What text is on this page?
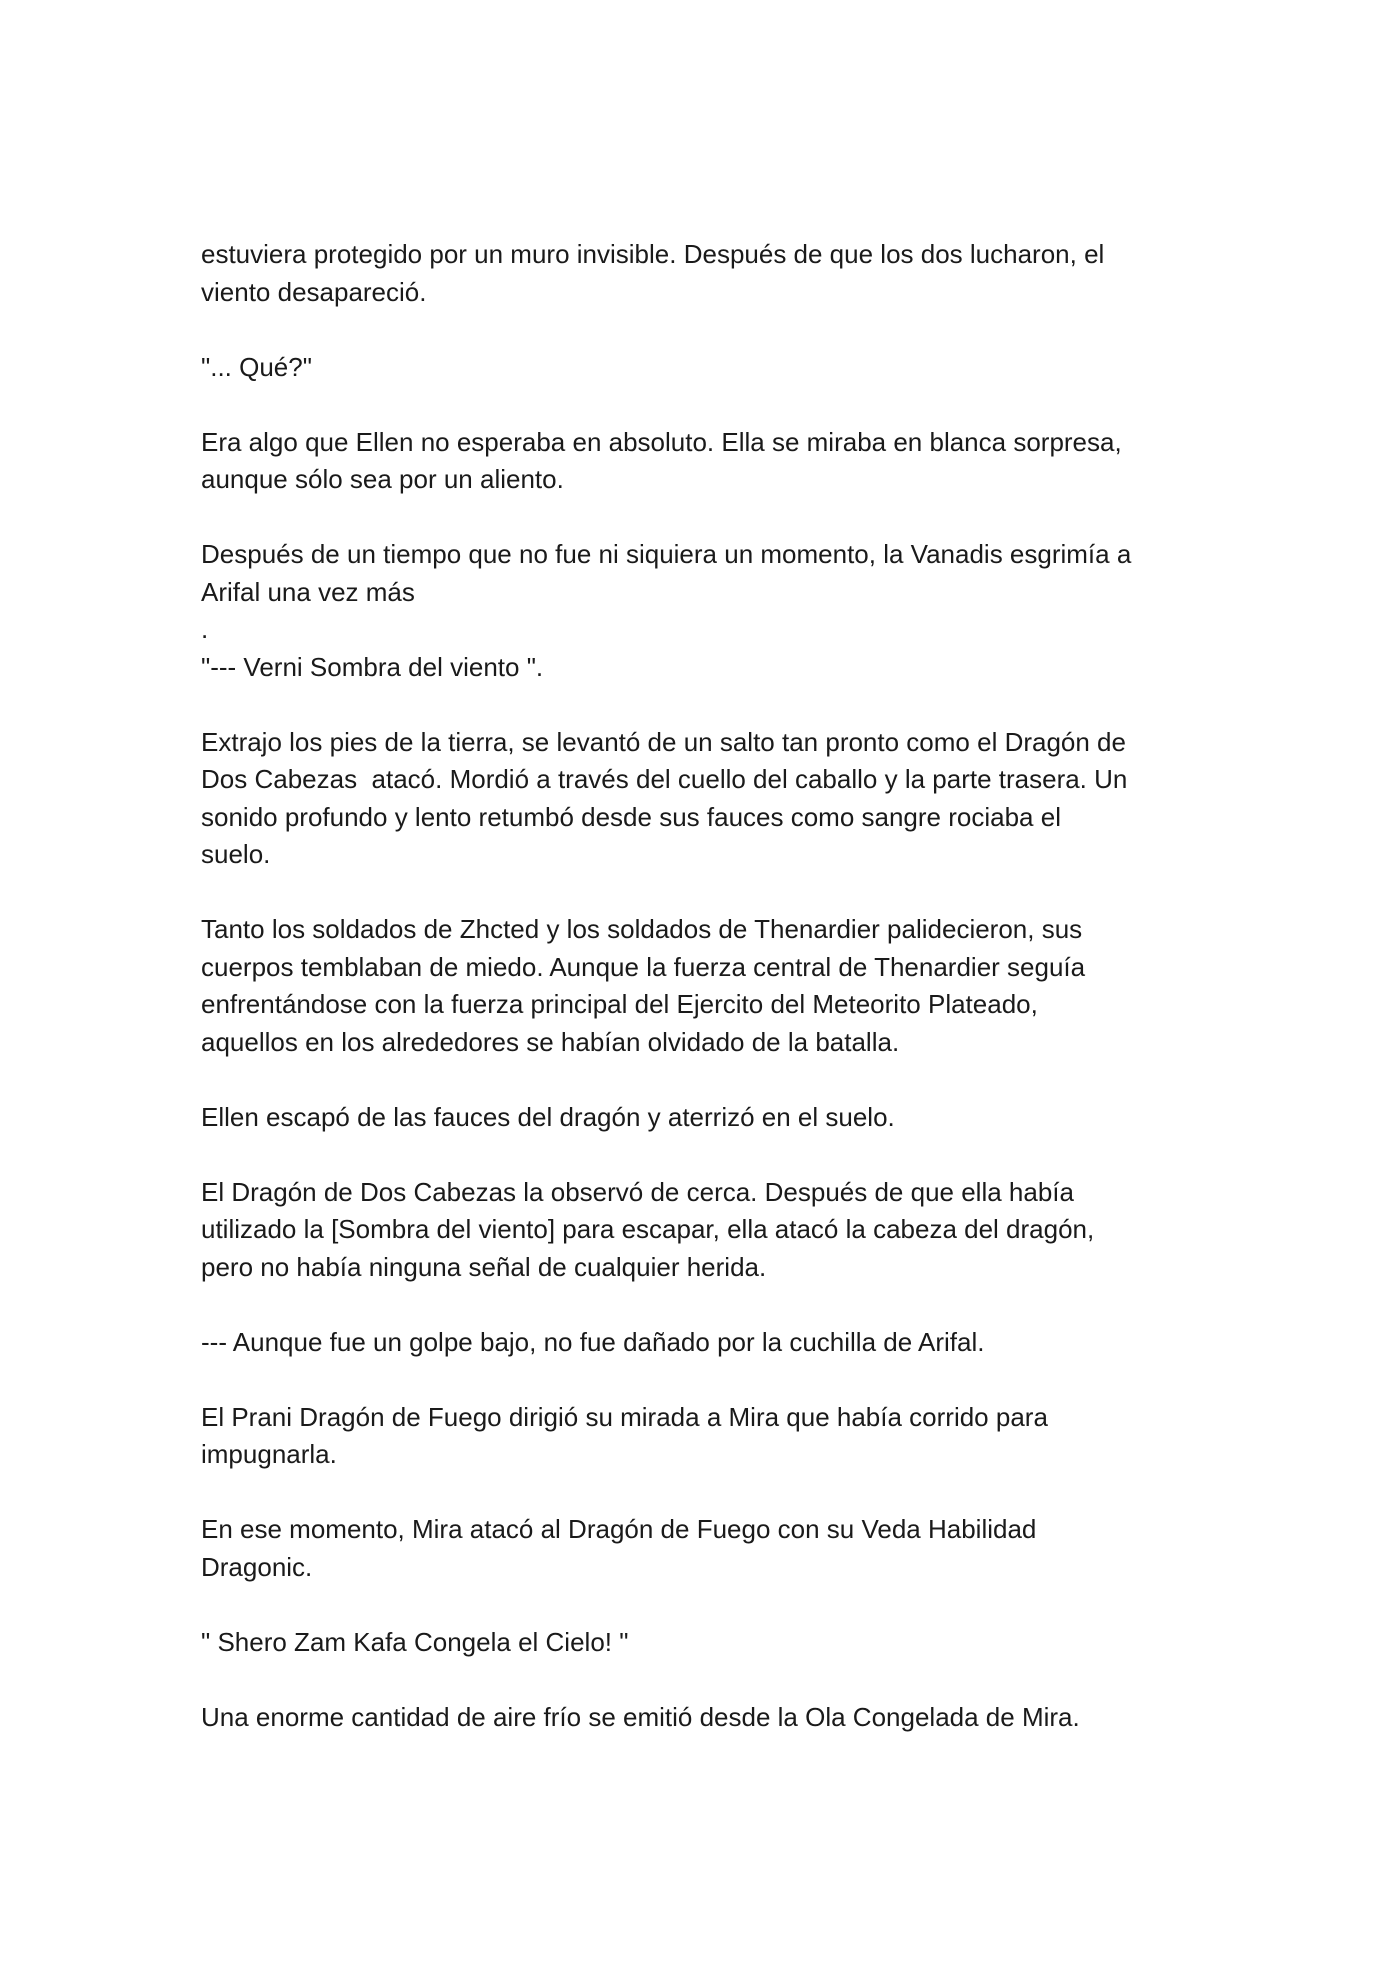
estuviera protegido por un muro invisible. Después de que los dos lucharon, el
viento desapareció.

"... Qué?"

Era algo que Ellen no esperaba en absoluto. Ella se miraba en blanca sorpresa,
aunque sólo sea por un aliento.

Después de un tiempo que no fue ni siquiera un momento, la Vanadis esgrimía a
Arifal una vez más
.
"--- Verni Sombra del viento ".

Extrajo los pies de la tierra, se levantó de un salto tan pronto como el Dragón de
Dos Cabezas  atacó. Mordió a través del cuello del caballo y la parte trasera. Un
sonido profundo y lento retumbó desde sus fauces como sangre rociaba el
suelo.

Tanto los soldados de Zhcted y los soldados de Thenardier palidecieron, sus
cuerpos temblaban de miedo. Aunque la fuerza central de Thenardier seguía
enfrentándose con la fuerza principal del Ejercito del Meteorito Plateado,
aquellos en los alrededores se habían olvidado de la batalla.

Ellen escapó de las fauces del dragón y aterrizó en el suelo.

El Dragón de Dos Cabezas la observó de cerca. Después de que ella había
utilizado la [Sombra del viento] para escapar, ella atacó la cabeza del dragón,
pero no había ninguna señal de cualquier herida.

--- Aunque fue un golpe bajo, no fue dañado por la cuchilla de Arifal.

El Prani Dragón de Fuego dirigió su mirada a Mira que había corrido para
impugnarla.

En ese momento, Mira atacó al Dragón de Fuego con su Veda Habilidad
Dragonic.

" Shero Zam Kafa Congela el Cielo! "

Una enorme cantidad de aire frío se emitió desde la Ola Congelada de Mira.
